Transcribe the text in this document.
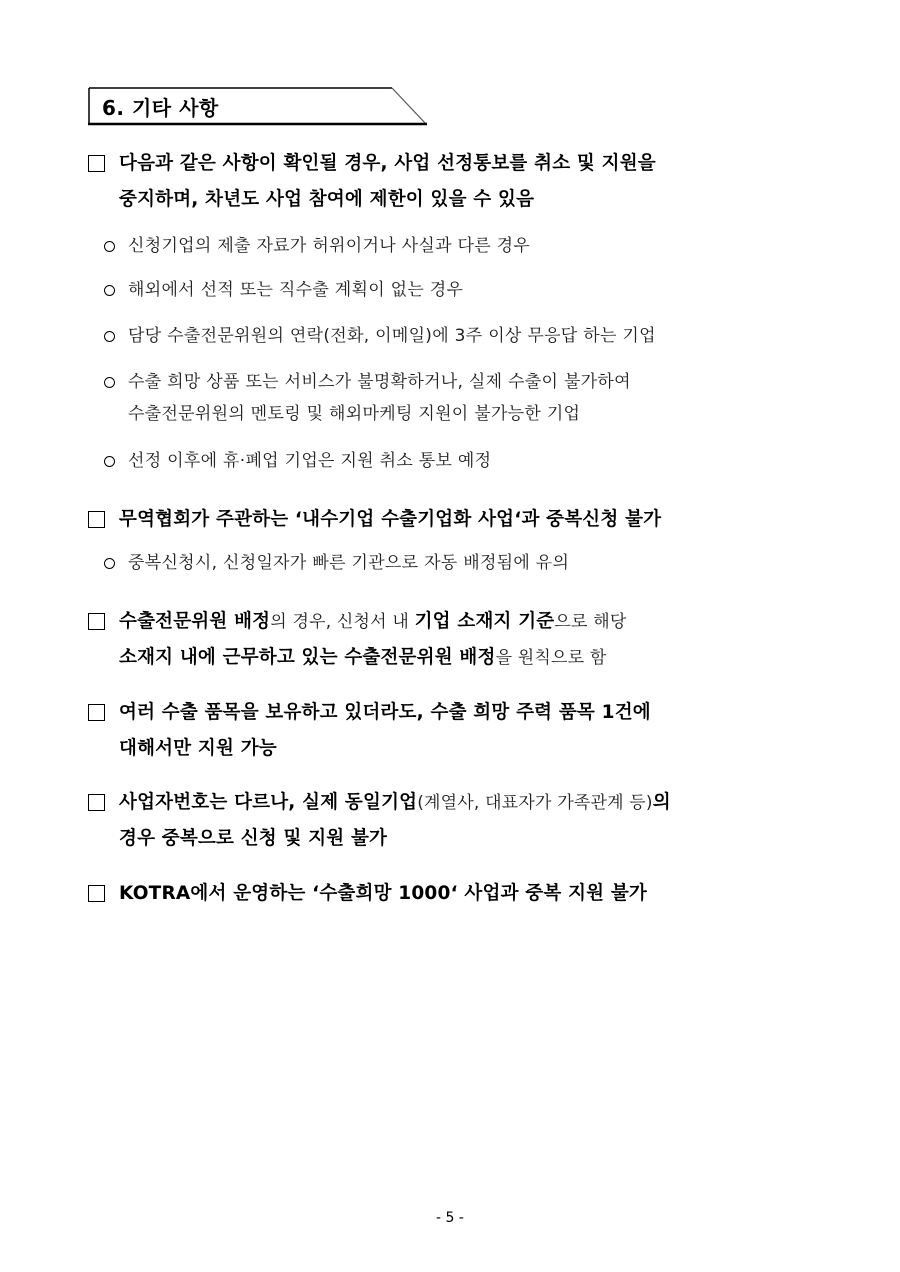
6. 기타 사항
다음과 같은 사항이 확인될 경우, 사업 선정통보를 취소 및 지원을
중지하며, 차년도 사업 참여에 제한이 있을 수 있음
신청기업의 제출 자료가 허위이거나 사실과 다른 경우
해외에서 선적 또는 직수출 계획이 없는 경우
담당 수출전문위원의 연락(전화, 이메일)에 3주 이상 무응답 하는 기업
수출 희망 상품 또는 서비스가 불명확하거나, 실제 수출이 불가하여
수출전문위원의 멘토링 및 해외마케팅 지원이 불가능한 기업
선정 이후에 휴·폐업 기업은 지원 취소 통보 예정
무역협회가 주관하는 ‘내수기업 수출기업화 사업‘과 중복신청 불가
중복신청시, 신청일자가 빠른 기관으로 자동 배정됨에 유의
수출전문위원 배정의 경우, 신청서 내 기업 소재지 기준으로 해당
소재지 내에 근무하고 있는 수출전문위원 배정을 원칙으로 함
여러 수출 품목을 보유하고 있더라도, 수출 희망 주력 품목 1건에
대해서만 지원 가능
사업자번호는 다르나, 실제 동일기업(계열사, 대표자가 가족관계 등)의
경우 중복으로 신청 및 지원 불가
KOTRA에서 운영하는 ‘수출희망 1000‘ 사업과 중복 지원 불가
- 5 -
